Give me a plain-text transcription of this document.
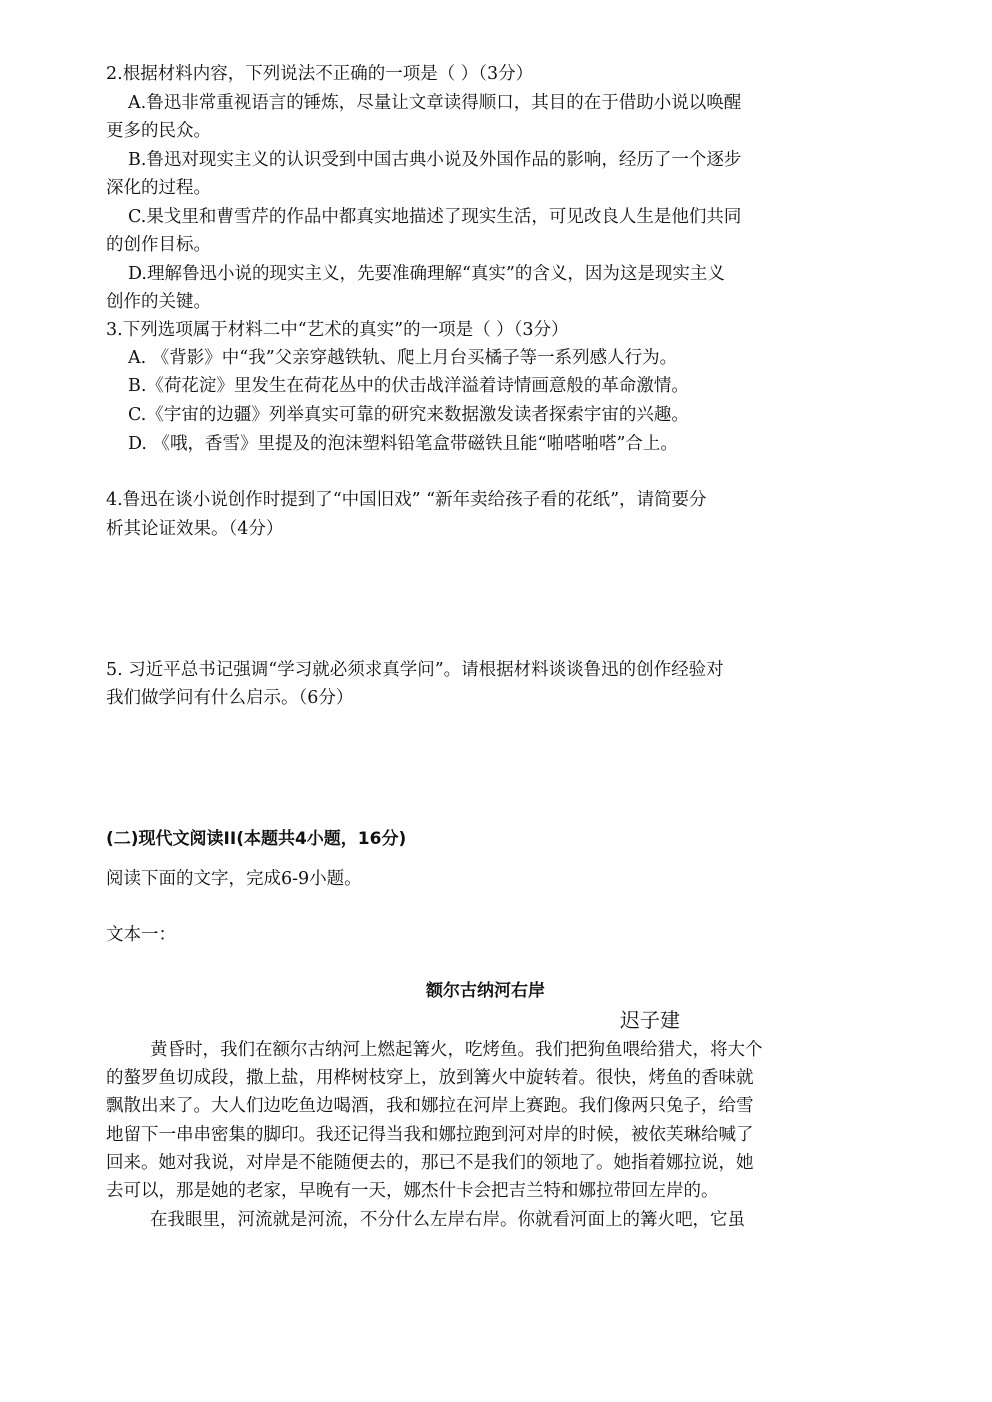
2.根据材料内容，下列说法不正确的一项是（ ）（3分）

A.鲁迅非常重视语言的锤炼，尽量让文章读得顺口，其目的在于借助小说以唤醒

更多的民众。

B.鲁迅对现实主义的认识受到中国古典小说及外国作品的影响，经历了一个逐步

深化的过程。

C.果戈里和曹雪芹的作品中都真实地描述了现实生活，可见改良人生是他们共同

的创作目标。

D.理解鲁迅小说的现实主义，先要准确理解“真实”的含义，因为这是现实主义

创作的关键。

3.下列选项属于材料二中“艺术的真实”的一项是（ ）（3分）

A. 《背影》中“我”父亲穿越铁轨、爬上月台买橘子等一系列感人行为。

B.《荷花淀》里发生在荷花丛中的伏击战洋溢着诗情画意般的革命激情。

C.《宇宙的边疆》列举真实可靠的研究来数据激发读者探索宇宙的兴趣。

D. 《哦，香雪》里提及的泡沫塑料铅笔盒带磁铁且能“啪嗒啪嗒”合上。

4.鲁迅在谈小说创作时提到了“中国旧戏” “新年卖给孩子看的花纸”，请简要分

析其论证效果。（4分）

5. 习近平总书记强调“学习就必须求真学问”。请根据材料谈谈鲁迅的创作经验对

我们做学问有什么启示。（6分）

(二)现代文阅读II(本题共4小题，16分)

阅读下面的文字，完成6-9小题。

文本一：

额尔古纳河右岸

迟子建

黄昏时，我们在额尔古纳河上燃起篝火，吃烤鱼。我们把狗鱼喂给猎犬，将大个

的螯罗鱼切成段，撒上盐，用桦树枝穿上，放到篝火中旋转着。很快，烤鱼的香味就

飘散出来了。大人们边吃鱼边喝酒，我和娜拉在河岸上赛跑。我们像两只兔子，给雪

地留下一串串密集的脚印。我还记得当我和娜拉跑到河对岸的时候，被依芙琳给喊了

回来。她对我说，对岸是不能随便去的，那已不是我们的领地了。她指着娜拉说，她

去可以，那是她的老家，早晚有一天，娜杰什卡会把吉兰特和娜拉带回左岸的。

在我眼里，河流就是河流，不分什么左岸右岸。你就看河面上的篝火吧，它虽
